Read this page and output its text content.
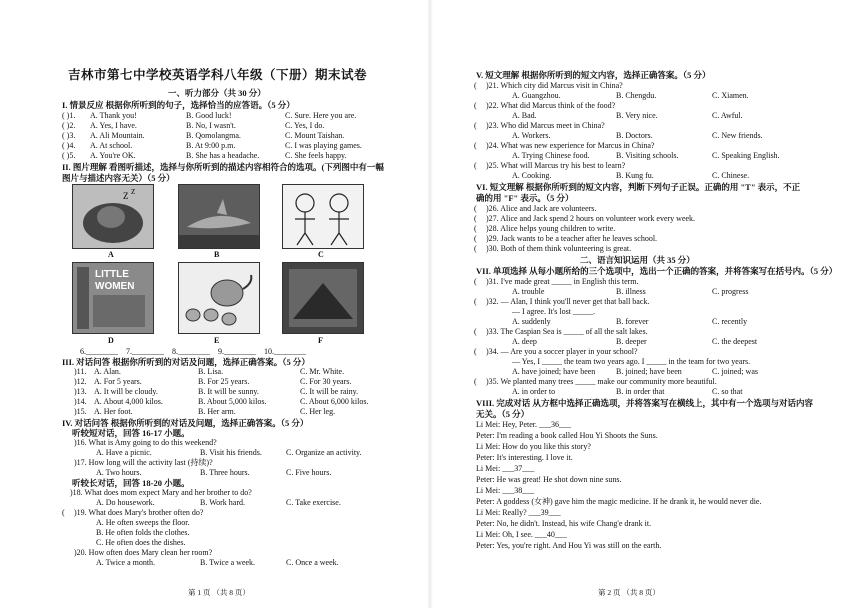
吉林市第七中学校英语学科八年级（下册）期末试卷
一、听力部分（共 30 分）
I. 情景反应 根据你所听到的句子，选择恰当的应答语。（5 分）
( )1. A. Thank you!	B. Good luck!	C. Sure. Here you are.
( )2. A. Yes, I have.	B. No, I wasn't.	C. Yes, I do.
( )3. A. Ali Mountain.	B. Qomolangma.	C. Mount Taishan.
( )4. A. At school.	B. At 9:00 p.m.	C. I was playing games.
( )5. A. You're OK.	B. She has a headache.	C. She feels happy.
II. 图片理解 看图听描述，选择与你所听到的描述内容相符合的选项。(下列图中有一幅
图片与描述内容无关）（5 分）
Z Z
A	B	C
LITTLE
WOMEN
D	E	F
6.________ 7.________ 8.________ 9.________ 10.________
III. 对话问答 根据你所听到的对话及问题，选择正确答案。（5 分）
)11. A. Alan.	B. Lisa.	C. Mr. White.
)12. A. For 5 years.	B. For 25 years.	C. For 30 years.
)13. A. It will be cloudy.	B. It will be sunny.	C. It will be rainy.
)14. A. About 4,000 kilos.	B. About 5,000 kilos.	C. About 6,000 kilos.
)15. A. Her foot.	B. Her arm.	C. Her leg.
IV. 对话问答 根据你所听到的对话及问题，选择正确答案。（5 分）
听较短对话，回答 16-17 小题。
)16. What is Amy going to do this weekend?
A. Have a picnic.	B. Visit his friends.	C. Organize an activity.
)17. How long will the activity last (持续)?
A. Two hours.	B. Three hours.	C. Five hours.
听较长对话，回答 18-20 小题。
)18. What does mom expect Mary and her brother to do?
A. Do housework.	B. Work hard.	C. Take exercise.
( )19. What does Mary's brother often do?
A. He often sweeps the floor.
B. He often folds the clothes.
C. He often does the dishes.
)20. How often does Mary clean her room?
A. Twice a month.	B. Twice a week.	C. Once a week.
第 1 页 （共 8 页）
V. 短文理解 根据你所听到的短文内容，选择正确答案。（5 分）
( )21. Which city did Marcus visit in China?
A. Guangzhou.	B. Chengdu.	C. Xiamen.
( )22. What did Marcus think of the food?
A. Bad.	B. Very nice.	C. Awful.
( )23. Who did Marcus meet in China?
A. Workers.	B. Doctors.	C. New friends.
( )24. What was new experience for Marcus in China?
A. Trying Chinese food.	B. Visiting schools.	C. Speaking English.
( )25. What will Marcus try his best to learn?
A. Cooking.	B. Kung fu.	C. Chinese.
VI. 短文理解 根据你所听到的短文内容，判断下列句子正误。正确的用 "T" 表示，不正
确的用 "F" 表示。（5 分）
( )26. Alice and Jack are volunteers.
( )27. Alice and Jack spend 2 hours on volunteer work every week.
( )28. Alice helps young children to write.
( )29. Jack wants to be a teacher after he leaves school.
( )30. Both of them think volunteering is great.
二、语言知识运用（共 35 分）
VII. 单项选择 从每小题所给的三个选项中，选出一个正确的答案，并将答案写在括号内。（5 分）
( )31. I've made great _____ in English this term.
A. trouble	B. illness	C. progress
( )32. — Alan, I think you'll never get that ball back.
— I agree. It's lost _____.
A. suddenly	B. forever	C. recently
( )33. The Caspian Sea is _____ of all the salt lakes.
A. deep	B. deeper	C. the deepest
( )34. — Are you a soccer player in your school?
— Yes, I _____ the team two years ago. I _____ in the team for two years.
A. have joined; have been	B. joined; have been	C. joined; was
( )35. We planted many trees _____ make our community more beautiful.
A. in order to	B. in order that	C. so that
VIII. 完成对话 从方框中选择正确选项，并将答案写在横线上，其中有一个选项与对话内容
无关。（5 分）
Li Mei: Hey, Peter. ___36___
Peter: I'm reading a book called Hou Yi Shoots the Suns.
Li Mei: How do you like this story?
Peter: It's interesting. I love it.
Li Mei: ___37___
Peter: He was great! He shot down nine suns.
Li Mei: ___38___
Peter: A goddess (女神) gave him the magic medicine. If he drank it, he would never die.
Li Mei: Really? ___39___
Peter: No, he didn't. Instead, his wife Chang'e drank it.
Li Mei: Oh, I see. ___40___
Peter: Yes, you're right. And Hou Yi was still on the earth.
第 2 页 （共 8 页）
